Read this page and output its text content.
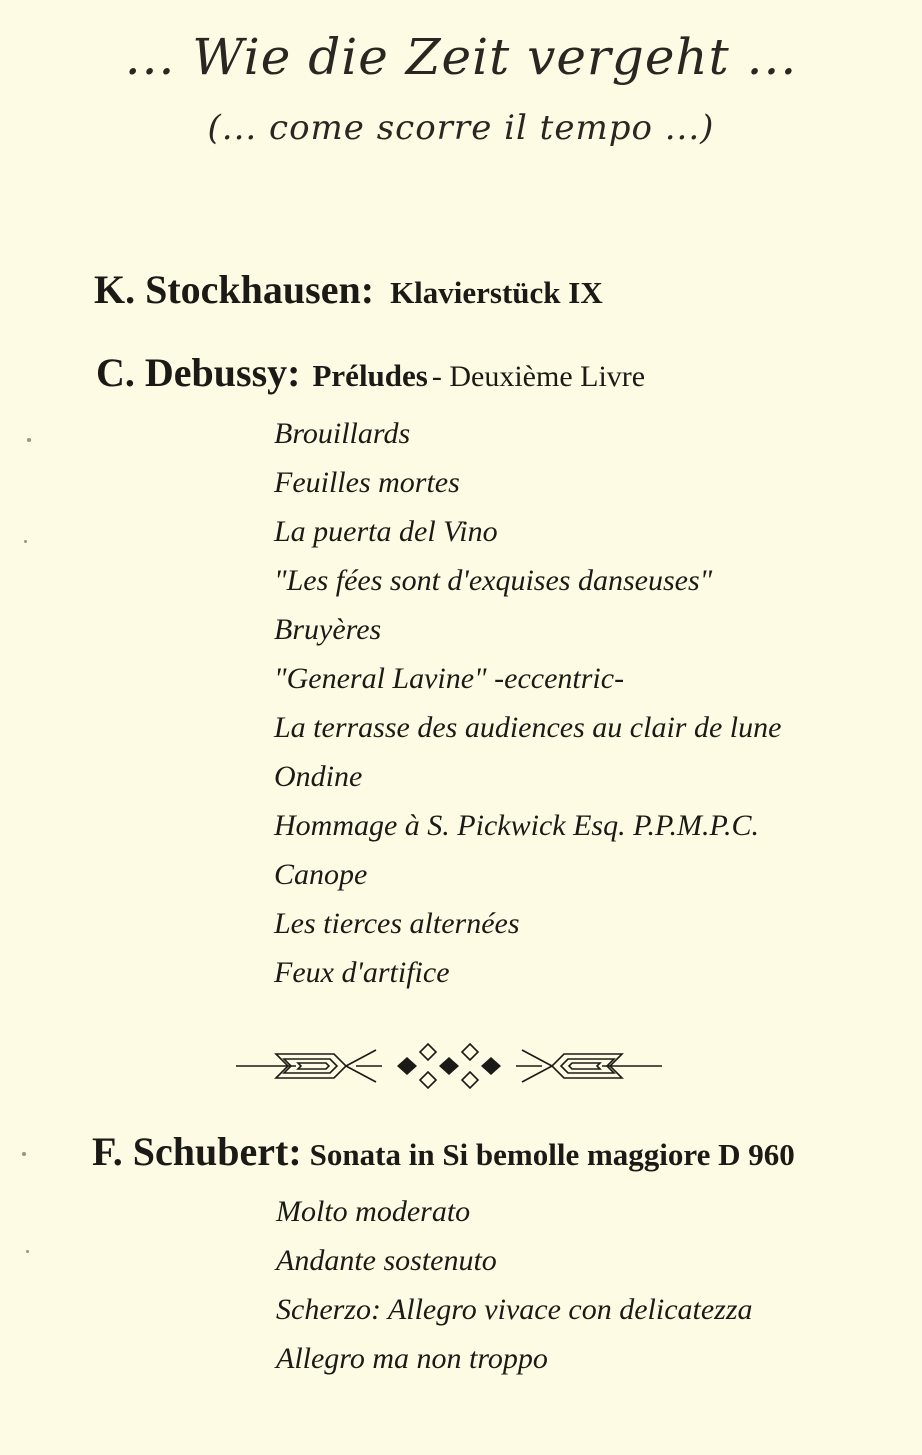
... Wie die Zeit vergeht ...
(... come scorre il tempo ...)
K. Stockhausen: Klavierstück IX
C. Debussy: Préludes - Deuxième Livre
Brouillards
Feuilles mortes
La puerta del Vino
"Les fées sont d'exquises danseuses"
Bruyères
"General Lavine" -eccentric-
La terrasse des audiences au clair de lune
Ondine
Hommage à S. Pickwick Esq. P.P.M.P.C.
Canope
Les tierces alternées
Feux d'artifice
F. Schubert: Sonata in Si bemolle maggiore D 960
Molto moderato
Andante sostenuto
Scherzo: Allegro vivace con delicatezza
Allegro ma non troppo
